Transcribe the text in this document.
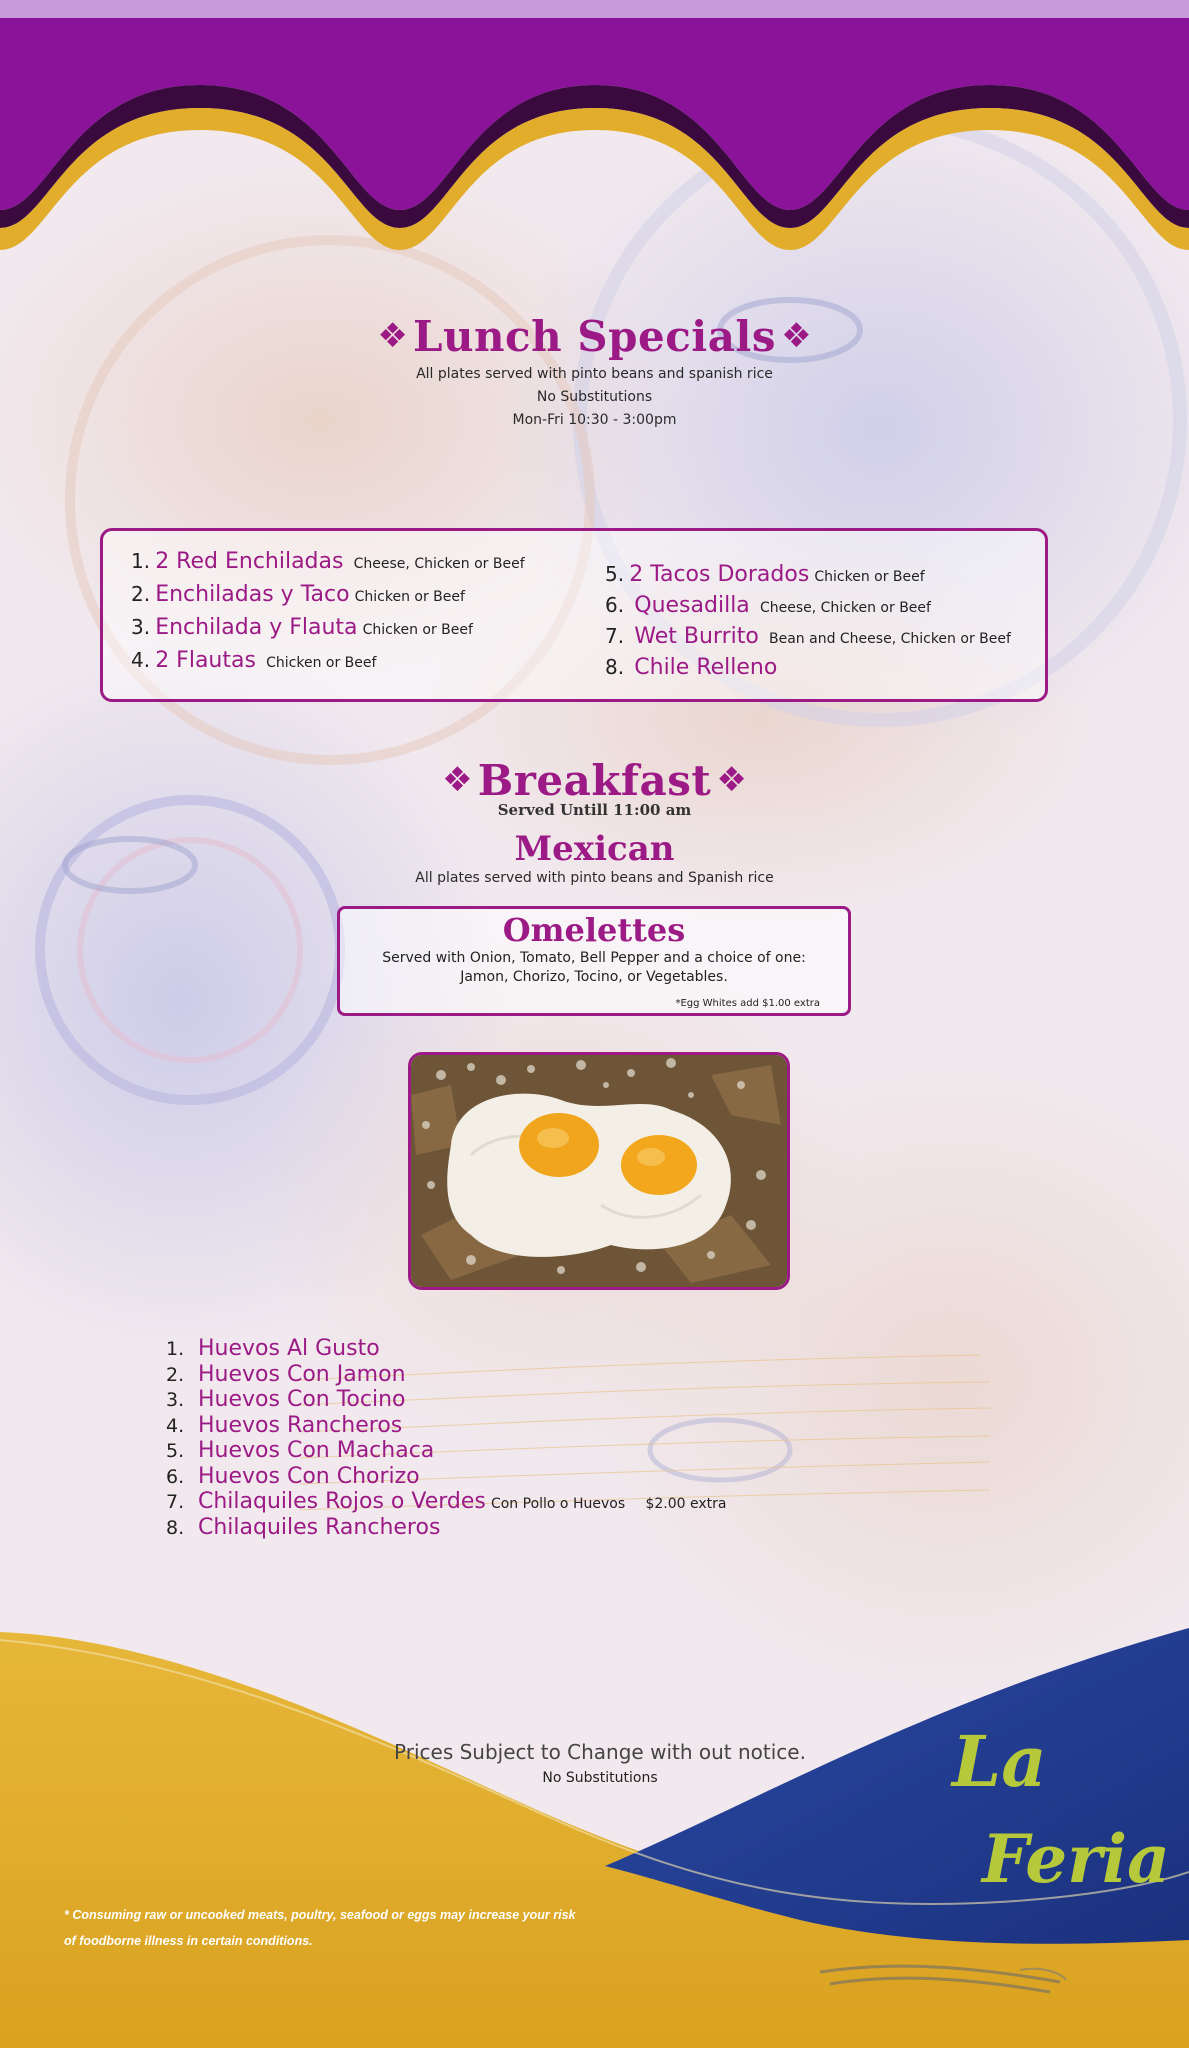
❖ Lunch Specials ❖
All plates served with pinto beans and spanish rice
No Substitutions
Mon-Fri 10:30 - 3:00pm
1. 2 Red Enchiladas Cheese, Chicken or Beef
2. Enchiladas y Taco Chicken or Beef
3. Enchilada y Flauta Chicken or Beef
4. 2 Flautas Chicken or Beef
5. 2 Tacos Dorados Chicken or Beef
6. Quesadilla Cheese, Chicken or Beef
7. Wet Burrito Bean and Cheese, Chicken or Beef
8. Chile Relleno
❖ Breakfast ❖
Served Untill 11:00 am
Mexican
All plates served with pinto beans and Spanish rice
Omelettes
Served with Onion, Tomato, Bell Pepper and a choice of one:
Jamon, Chorizo, Tocino, or Vegetables.
*Egg Whites add $1.00 extra
1. Huevos Al Gusto
2. Huevos Con Jamon
3. Huevos Con Tocino
4. Huevos Rancheros
5. Huevos Con Machaca
6. Huevos Con Chorizo
7. Chilaquiles Rojos o Verdes Con Pollo o Huevos $2.00 extra
8. Chilaquiles Rancheros
Prices Subject to Change with out notice.
No Substitutions
* Consuming raw or uncooked meats, poultry, seafood or eggs may increase your risk
of foodborne illness in certain conditions.
La
Feria
